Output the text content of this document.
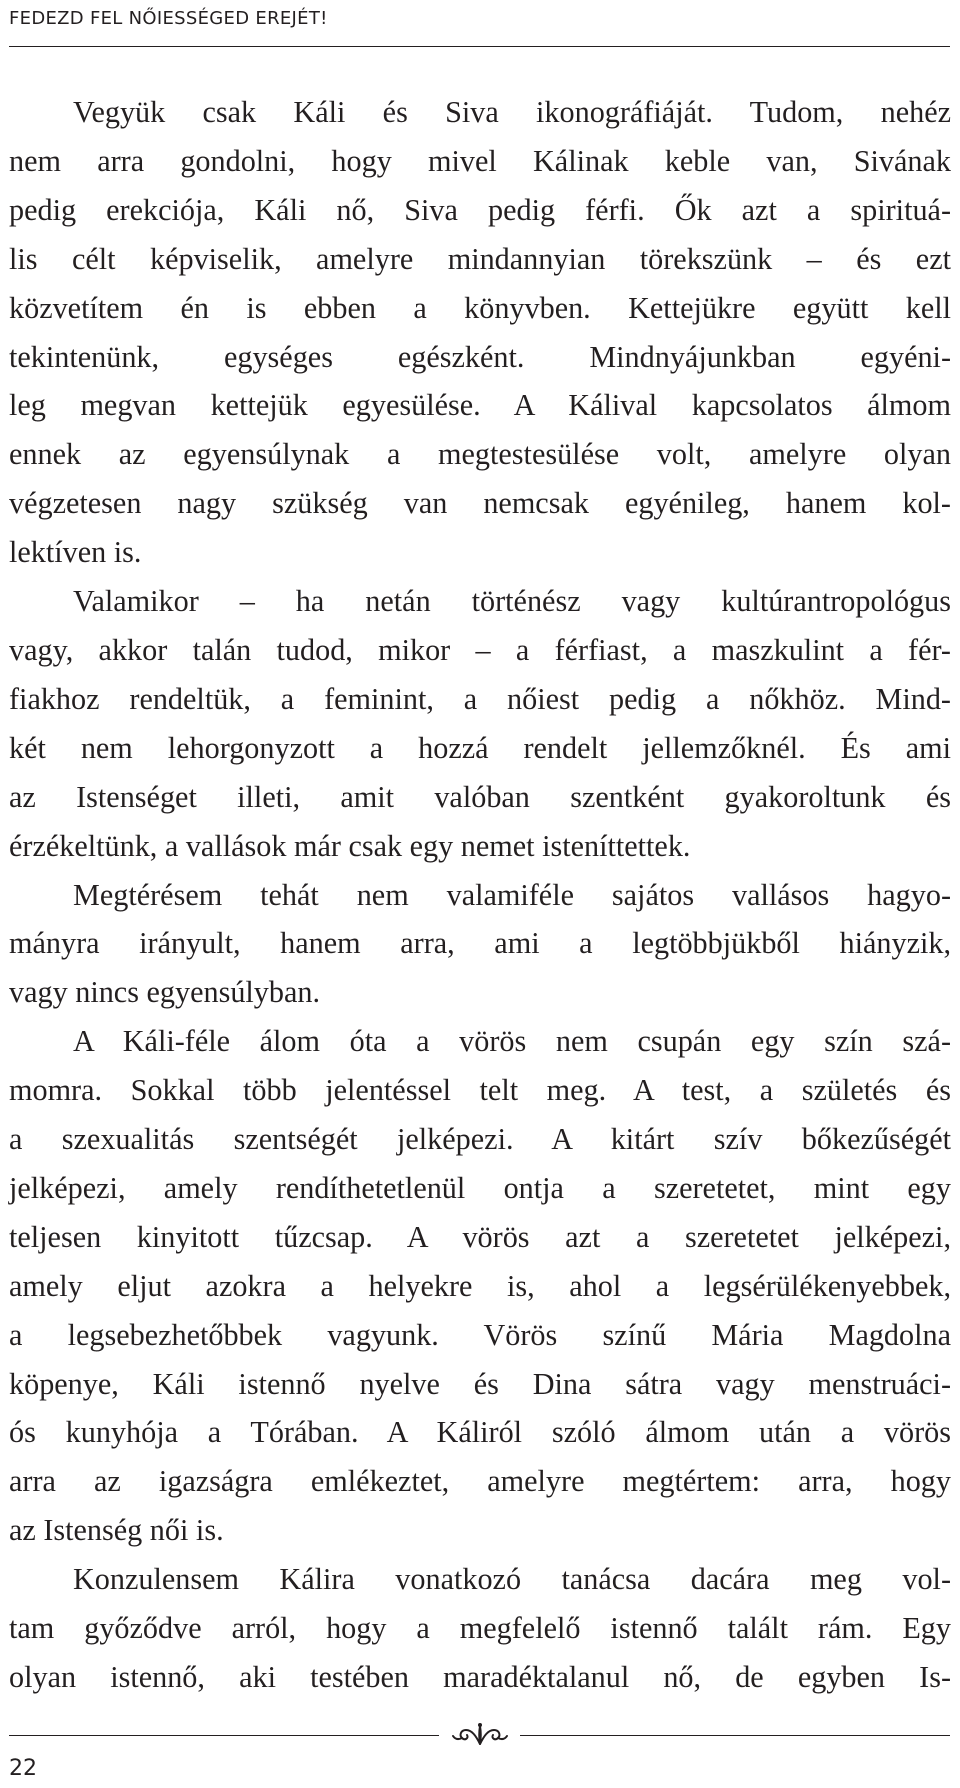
FEDEZD FEL NŐIESSÉGED EREJÉT!
Vegyük csak Káli és Siva ikonográfiáját. Tudom, nehéz
nem arra gondolni, hogy mivel Kálinak keble van, Sivának
pedig erekciója, Káli nő, Siva pedig férfi. Ők azt a spirituá-
lis célt képviselik, amelyre mindannyian törekszünk – és ezt
közvetítem én is ebben a könyvben. Kettejükre együtt kell
tekintenünk, egységes egészként. Mindnyájunkban egyéni-
leg megvan kettejük egyesülése. A Kálival kapcsolatos álmom
ennek az egyensúlynak a megtestesülése volt, amelyre olyan
végzetesen nagy szükség van nemcsak egyénileg, hanem kol-
lektíven is.
Valamikor – ha netán történész vagy kultúrantropológus
vagy, akkor talán tudod, mikor – a férfiast, a maszkulint a fér-
fiakhoz rendeltük, a feminint, a nőiest pedig a nőkhöz. Mind-
két nem lehorgonyzott a hozzá rendelt jellemzőknél. És ami
az Istenséget illeti, amit valóban szentként gyakoroltunk és
érzékeltünk, a vallások már csak egy nemet isteníttettek.
Megtérésem tehát nem valamiféle sajátos vallásos hagyo-
mányra irányult, hanem arra, ami a legtöbbjükből hiányzik,
vagy nincs egyensúlyban.
A Káli-féle álom óta a vörös nem csupán egy szín szá-
momra. Sokkal több jelentéssel telt meg. A test, a születés és
a szexualitás szentségét jelképezi. A kitárt szív bőkezűségét
jelképezi, amely rendíthetetlenül ontja a szeretetet, mint egy
teljesen kinyitott tűzcsap. A vörös azt a szeretetet jelképezi,
amely eljut azokra a helyekre is, ahol a legsérülékenyebbek,
a legsebezhetőbbek vagyunk. Vörös színű Mária Magdolna
köpenye, Káli istennő nyelve és Dina sátra vagy menstruáci-
ós kunyhója a Tórában. A Káliról szóló álmom után a vörös
arra az igazságra emlékeztet, amelyre megtértem: arra, hogy
az Istenség női is.
Konzulensem Kálira vonatkozó tanácsa dacára meg vol-
tam győződve arról, hogy a megfelelő istennő talált rám. Egy
olyan istennő, aki testében maradéktalanul nő, de egyben Is-
22
